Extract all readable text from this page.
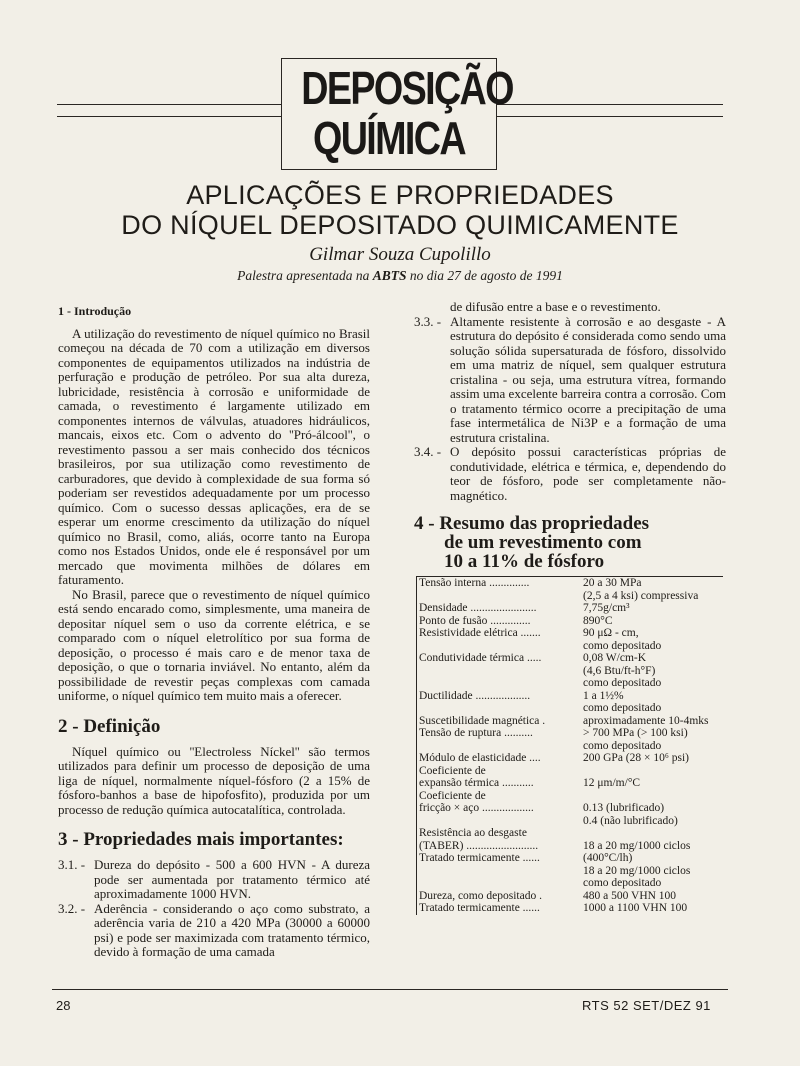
DEPOSIÇÃO
QUÍMICA
APLICAÇÕES E PROPRIEDADES
DO NÍQUEL DEPOSITADO QUIMICAMENTE
Gilmar Souza Cupolillo
Palestra apresentada na ABTS no dia 27 de agosto de 1991
1 - Introdução

A utilização do revestimento de níquel químico no Brasil começou na década de 70 com a utilização em diversos componentes de equipamentos utilizados na indústria de perfuração e produção de petróleo. Por sua alta dureza, lubricidade, resistência à corrosão e uniformidade de camada, o revestimento é largamente utilizado em componentes internos de válvulas, atuadores hidráulicos, mancais, eixos etc. Com o advento do ''Pró-álcool'', o revestimento passou a ser mais conhecido dos técnicos brasileiros, por sua utilização como revestimento de carburadores, que devido à complexidade de sua forma só poderiam ser revestidos adequadamente por um processo químico. Com o sucesso dessas aplicações, era de se esperar um enorme crescimento da utilização do níquel químico no Brasil, como, aliás, ocorre tanto na Europa como nos Estados Unidos, onde ele é responsável por um mercado que movimenta milhões de dólares em faturamento.

No Brasil, parece que o revestimento de níquel químico está sendo encarado como, simplesmente, uma maneira de depositar níquel sem o uso da corrente elétrica, e se comparado com o níquel eletrolítico por sua forma de deposição, o processo é mais caro e de menor taxa de deposição, o que o tornaria inviável. No entanto, além da possibilidade de revestir peças complexas com camada uniforme, o níquel químico tem muito mais a oferecer.

2 - Definição

Níquel químico ou ''Electroless Níckel'' são termos utilizados para definir um processo de deposição de uma liga de níquel, normalmente níquel-fósforo (2 a 15% de fósforo-banhos a base de hipofosfito), produzida por um processo de redução química autocatalítica, controlada.

3 - Propriedades mais importantes:
3.1. - Dureza do depósito - 500 a 600 HVN - A dureza pode ser aumentada por tratamento térmico até aproximadamente 1000 HVN.
3.2. - Aderência - considerando o aço como substrato, a aderência varia de 210 a 420 MPa (30000 a 60000 psi) e pode ser maximizada com tratamento térmico, devido à formação de uma camada
de difusão entre a base e o revestimento.
3.3. - Altamente resistente à corrosão e ao desgaste - A estrutura do depósito é considerada como sendo uma solução sólida supersaturada de fósforo, dissolvido em uma matriz de níquel, sem qualquer estrutura cristalina - ou seja, uma estrutura vítrea, formando assim uma excelente barreira contra a corrosão. Com o tratamento térmico ocorre a precipitação de uma fase intermetálica de Ni3P e a formação de uma estrutura cristalina.
3.4. - O depósito possui características próprias de condutividade, elétrica e térmica, e, dependendo do teor de fósforo, pode ser completamente não-magnético.
4 - Resumo das propriedades
de um revestimento com
10 a 11% de fósforo
Tensão interna ..............	20 a 30 MPa
(2,5 a 4 ksi) compressiva
Densidade .......................	7,75g/cm³
Ponto de fusão ..............	890°C
Resistividade elétrica .......	90 μΩ - cm,
como depositado
Condutividade térmica .....	0,08 W/cm-K
(4,6 Btu/ft-h°F)
como depositado
Ductilidade ...................	1 a 1½%
como depositado
Suscetibilidade magnética .	aproximadamente 10-4mks
Tensão de ruptura ..........	> 700 MPa (> 100 ksi)
como depositado
Módulo de elasticidade ....	200 GPa (28 × 10⁶ psi)
Coeficiente de
expansão térmica ...........	12 μm/m/°C
Coeficiente de
fricção × aço ..................	0.13 (lubrificado)
0.4 (não lubrificado)
Resistência ao desgaste
(TABER) .........................	18 a 20 mg/1000 ciclos
Tratado termicamente ......	(400°C/lh)
18 a 20 mg/1000 ciclos
como depositado
Dureza, como depositado .	480 a 500 VHN 100
Tratado termicamente ......	1000 a 1100 VHN 100
28	RTS 52 SET/DEZ 91
